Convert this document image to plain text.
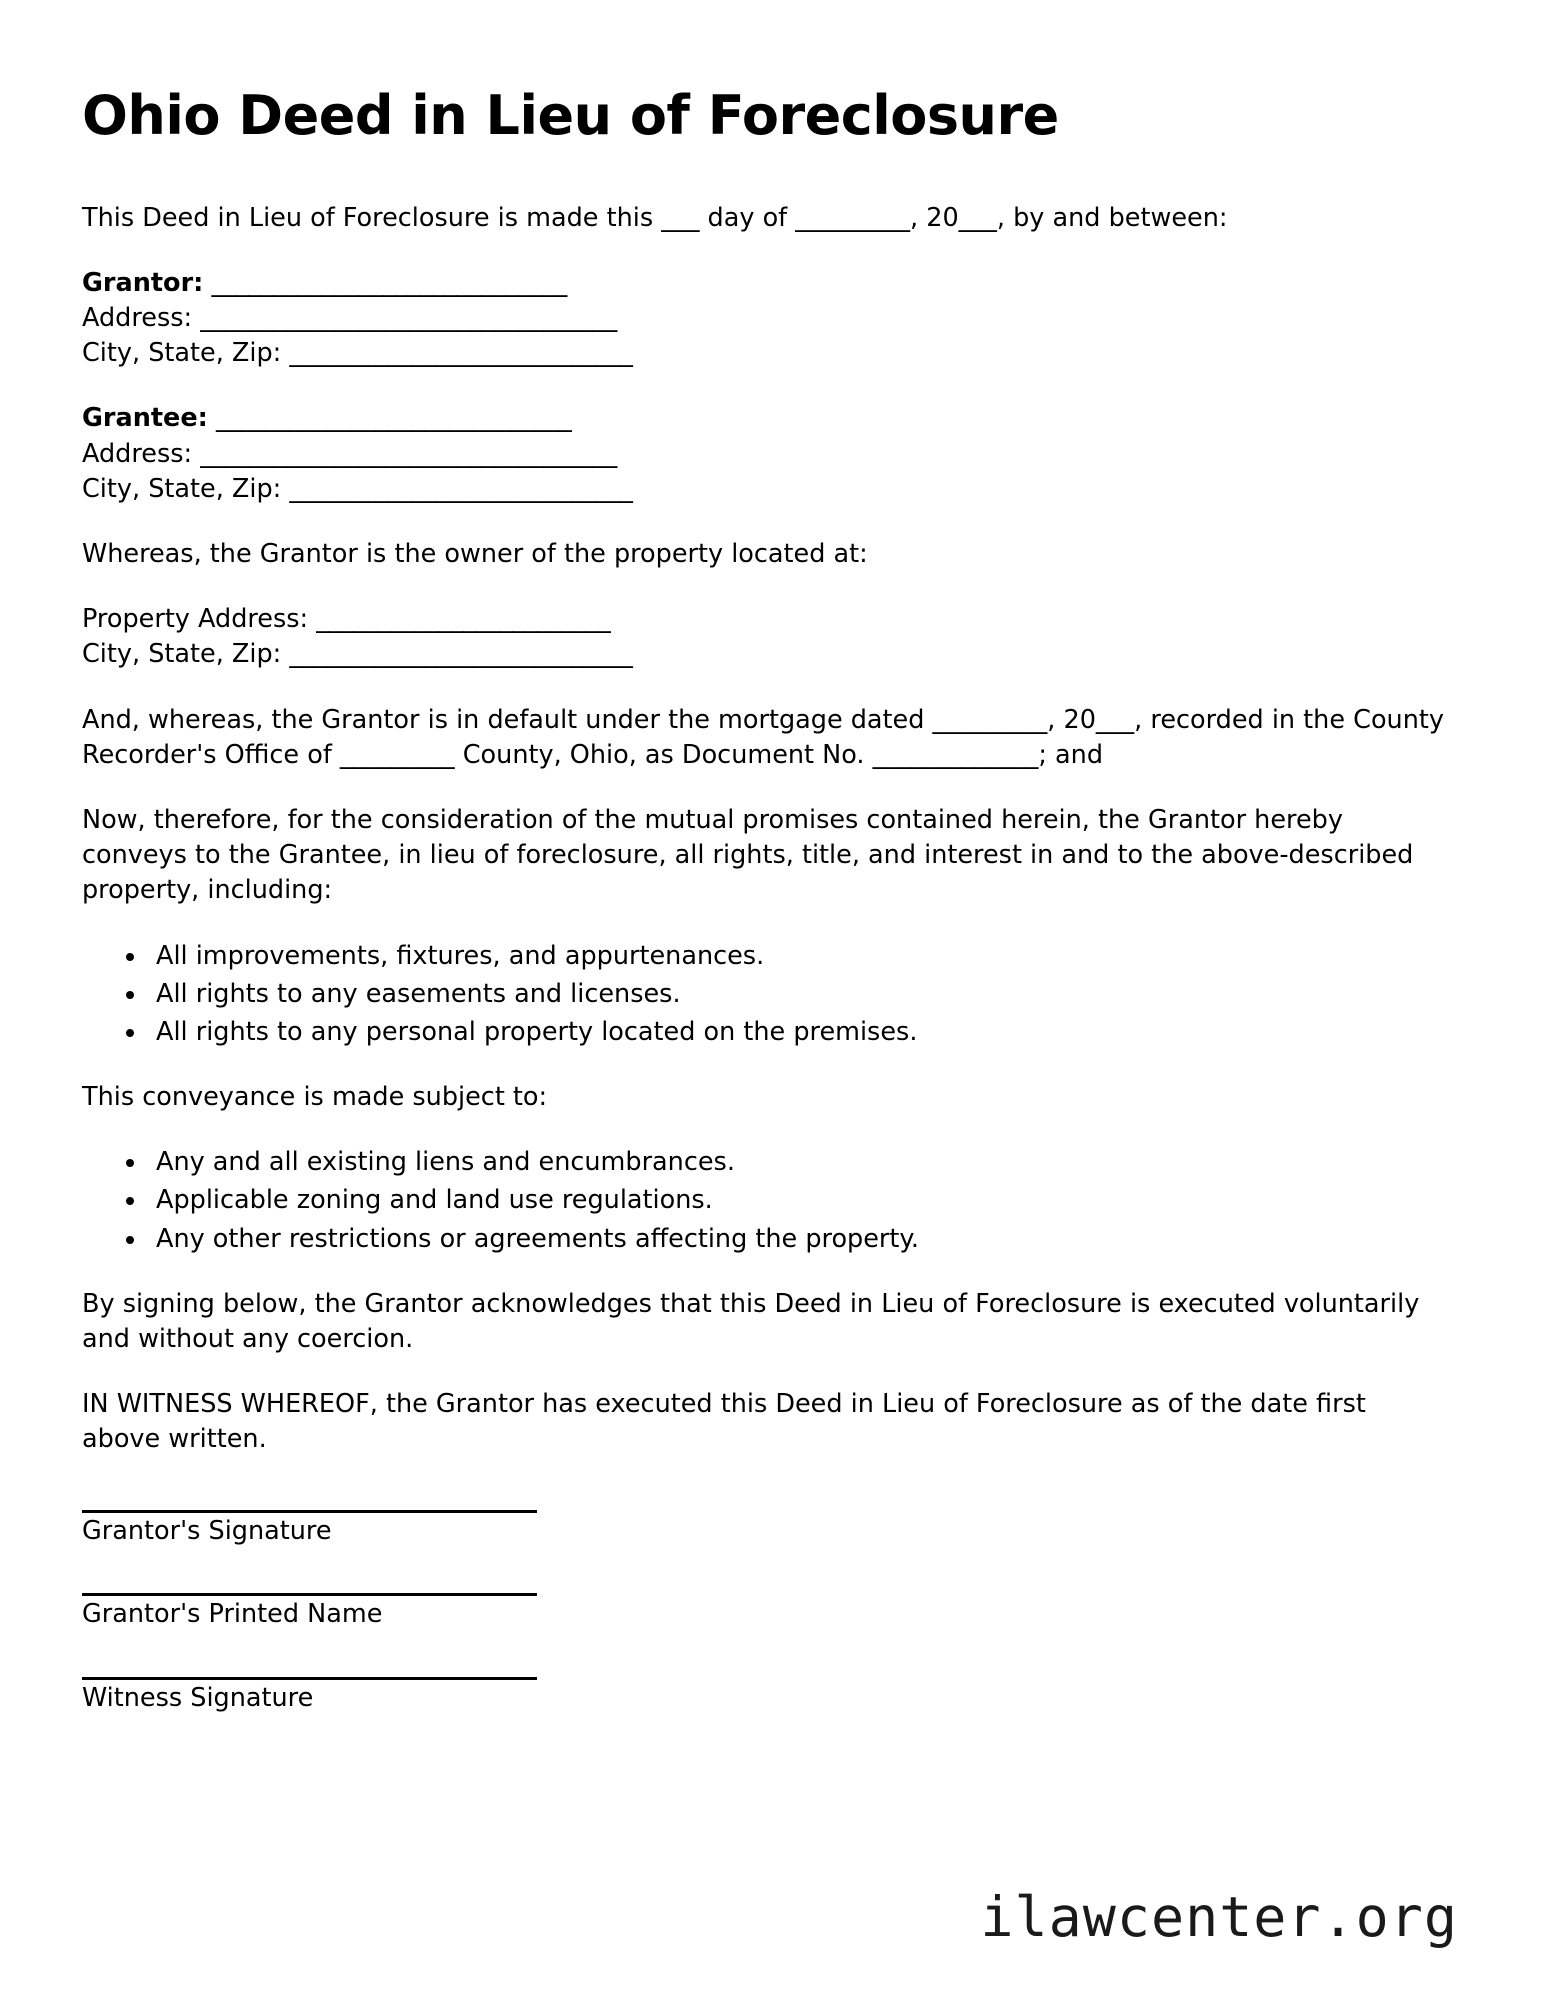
Ohio Deed in Lieu of Foreclosure

This Deed in Lieu of Foreclosure is made this ___ day of _________, 20___, by and between:

Grantor: _____________________________
Address: __________________________________
City, State, Zip: ____________________________
Grantee: _____________________________
Address: __________________________________
City, State, Zip: ____________________________

Whereas, the Grantor is the owner of the property located at:

Property Address: ________________________
City, State, Zip: ____________________________

And, whereas, the Grantor is in default under the mortgage dated _________, 20___, recorded in the County Recorder's Office of _________ County, Ohio, as Document No. _____________; and

Now, therefore, for the consideration of the mutual promises contained herein, the Grantor hereby conveys to the Grantee, in lieu of foreclosure, all rights, title, and interest in and to the above-described property, including:

• All improvements, fixtures, and appurtenances.
• All rights to any easements and licenses.
• All rights to any personal property located on the premises.

This conveyance is made subject to:

• Any and all existing liens and encumbrances.
• Applicable zoning and land use regulations.
• Any other restrictions or agreements affecting the property.

By signing below, the Grantor acknowledges that this Deed in Lieu of Foreclosure is executed voluntarily and without any coercion.

IN WITNESS WHEREOF, the Grantor has executed this Deed in Lieu of Foreclosure as of the date first above written.

Grantor's Signature
Grantor's Printed Name
Witness Signature
ilawcenter.org
